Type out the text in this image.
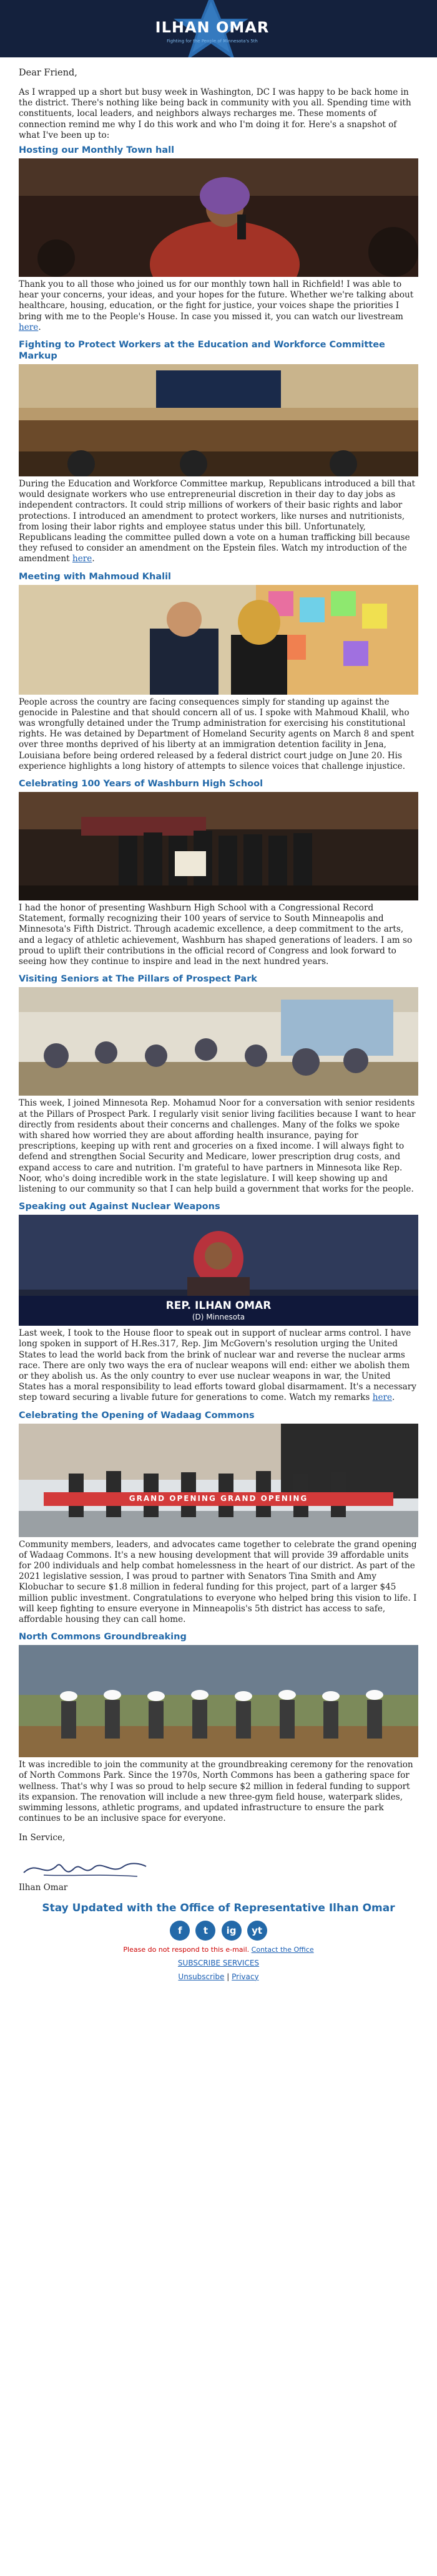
ILHAN OMAR
Fighting for the People of Minnesota's 5th
Dear Friend,

As I wrapped up a short but busy week in Washington, DC I was happy to be back home in the district. There's nothing like being back in community with you all. Spending time with constituents, local leaders, and neighbors always recharges me. These moments of connection remind me why I do this work and who I'm doing it for. Here's a snapshot of what I've been up to:

Hosting our Monthly Town hall
Thank you to all those who joined us for our monthly town hall in Richfield! I was able to hear your concerns, your ideas, and your hopes for the future. Whether we're talking about healthcare, housing, education, or the fight for justice, your voices shape the priorities I bring with me to the People's House. In case you missed it, you can watch our livestream here.
Fighting to Protect Workers at the Education and Workforce Committee Markup
During the Education and Workforce Committee markup, Republicans introduced a bill that would designate workers who use entrepreneurial discretion in their day to day jobs as independent contractors. It could strip millions of workers of their basic rights and labor protections. I introduced an amendment to protect workers, like nurses and nutritionists, from losing their labor rights and employee status under this bill. Unfortunately, Republicans leading the committee pulled down a vote on a human trafficking bill because they refused to consider an amendment on the Epstein files. Watch my introduction of the amendment here.
Meeting with Mahmoud Khalil
People across the country are facing consequences simply for standing up against the genocide in Palestine and that should concern all of us. I spoke with Mahmoud Khalil, who was wrongfully detained under the Trump administration for exercising his constitutional rights. He was detained by Department of Homeland Security agents on March 8 and spent over three months deprived of his liberty at an immigration detention facility in Jena, Louisiana before being ordered released by a federal district court judge on June 20. His experience highlights a long history of attempts to silence voices that challenge injustice.
Celebrating 100 Years of Washburn High School
I had the honor of presenting Washburn High School with a Congressional Record Statement, formally recognizing their 100 years of service to South Minneapolis and Minnesota's Fifth District. Through academic excellence, a deep commitment to the arts, and a legacy of athletic achievement, Washburn has shaped generations of leaders. I am so proud to uplift their contributions in the official record of Congress and look forward to seeing how they continue to inspire and lead in the next hundred years.
Visiting Seniors at The Pillars of Prospect Park
This week, I joined Minnesota Rep. Mohamud Noor for a conversation with senior residents at the Pillars of Prospect Park. I regularly visit senior living facilities because I want to hear directly from residents about their concerns and challenges. Many of the folks we spoke with shared how worried they are about affording health insurance, paying for prescriptions, keeping up with rent and groceries on a fixed income. I will always fight to defend and strengthen Social Security and Medicare, lower prescription drug costs, and expand access to care and nutrition. I'm grateful to have partners in Minnesota like Rep. Noor, who's doing incredible work in the state legislature. I will keep showing up and listening to our community so that I can help build a government that works for the people.
Speaking out Against Nuclear Weapons
REP. ILHAN OMAR
(D) Minnesota
Last week, I took to the House floor to speak out in support of nuclear arms control. I have long spoken in support of H.Res.317, Rep. Jim McGovern's resolution urging the United States to lead the world back from the brink of nuclear war and reverse the nuclear arms race. There are only two ways the era of nuclear weapons will end: either we abolish them or they abolish us. As the only country to ever use nuclear weapons in war, the United States has a moral responsibility to lead efforts toward global disarmament. It's a necessary step toward securing a livable future for generations to come. Watch my remarks here.
Celebrating the Opening of Wadaag Commons
GRAND OPENING GRAND OPENING
Community members, leaders, and advocates came together to celebrate the grand opening of Wadaag Commons. It's a new housing development that will provide 39 affordable units for 200 individuals and help combat homelessness in the heart of our district. As part of the 2021 legislative session, I was proud to partner with Senators Tina Smith and Amy Klobuchar to secure $1.8 million in federal funding for this project, part of a larger $45 million public investment. Congratulations to everyone who helped bring this vision to life. I will keep fighting to ensure everyone in Minneapolis's 5th district has access to safe, affordable housing they can call home.
North Commons Groundbreaking
It was incredible to join the community at the groundbreaking ceremony for the renovation of North Commons Park. Since the 1970s, North Commons has been a gathering space for wellness. That's why I was so proud to help secure $2 million in federal funding to support its expansion. The renovation will include a new three-gym field house, waterpark slides, swimming lessons, athletic programs, and updated infrastructure to ensure the park continues to be an inclusive space for everyone.

In Service,

Ilhan Omar

Stay Updated with the Office of Representative Ilhan Omar
f t ig yt
Please do not respond to this e-mail. Contact the Office
SUBSCRIBE SERVICES
Unsubscribe | Privacy
